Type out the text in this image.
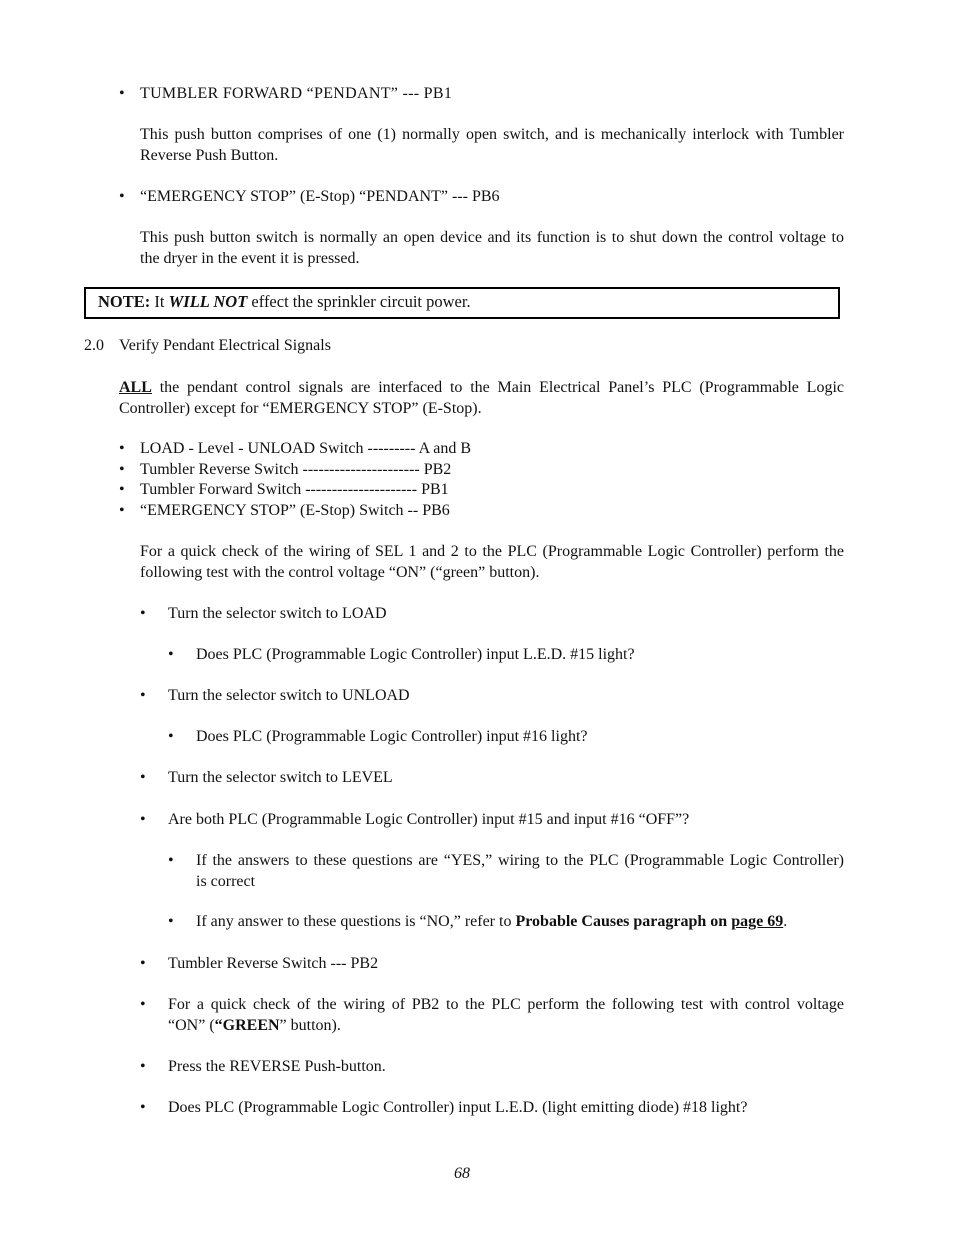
• TUMBLER FORWARD “PENDANT” --- PB1
This push button comprises of one (1) normally open switch, and is mechanically interlock with Tumbler
Reverse Push Button.
• “EMERGENCY STOP” (E-Stop) “PENDANT” --- PB6
This push button switch is normally an open device and its function is to shut down the control voltage to
the dryer in the event it is pressed.
NOTE: It WILL NOT effect the sprinkler circuit power.
2.0 Verify Pendant Electrical Signals
ALL the pendant control signals are interfaced to the Main Electrical Panel’s PLC (Programmable Logic
Controller) except for “EMERGENCY STOP” (E-Stop).
• LOAD - Level - UNLOAD Switch --------- A and B
• Tumbler Reverse Switch ---------------------- PB2
• Tumbler Forward Switch --------------------- PB1
• “EMERGENCY STOP” (E-Stop) Switch -- PB6
For a quick check of the wiring of SEL 1 and 2 to the PLC (Programmable Logic Controller) perform the
following test with the control voltage “ON” (“green” button).
• Turn the selector switch to LOAD
• Does PLC (Programmable Logic Controller) input L.E.D. #15 light?
• Turn the selector switch to UNLOAD
• Does PLC (Programmable Logic Controller) input #16 light?
• Turn the selector switch to LEVEL
• Are both PLC (Programmable Logic Controller) input #15 and input #16 “OFF”?
• If the answers to these questions are “YES,” wiring to the PLC (Programmable Logic Controller)
is correct
• If any answer to these questions is “NO,” refer to Probable Causes paragraph on page 69.
• Tumbler Reverse Switch --- PB2
• For a quick check of the wiring of PB2 to the PLC perform the following test with control voltage
“ON” (“GREEN” button).
• Press the REVERSE Push-button.
• Does PLC (Programmable Logic Controller) input L.E.D. (light emitting diode) #18 light?
68
